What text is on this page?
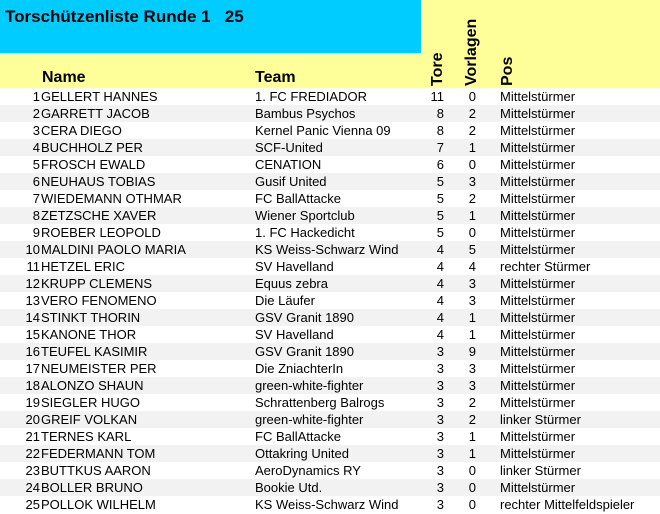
Torschützenliste Runde 1   25
Name	Team	Tore Vorlagen Pos
1 GELLERT HANNES	1. FC FREDIADOR	11	0 Mittelstürmer
2 GARRETT JACOB	Bambus Psychos	8	2 Mittelstürmer
3 CERA DIEGO	Kernel Panic Vienna 09	8	2 Mittelstürmer
4 BUCHHOLZ PER	SCF-United	7	1 Mittelstürmer
5 FROSCH EWALD	CENATION	6	0 Mittelstürmer
6 NEUHAUS TOBIAS	Gusif United	5	3 Mittelstürmer
7 WIEDEMANN OTHMAR	FC BallAttacke	5	2 Mittelstürmer
8 ZETZSCHE XAVER	Wiener Sportclub	5	1 Mittelstürmer
9 ROEBER LEOPOLD	1. FC Hackedicht	5	0 Mittelstürmer
10 MALDINI PAOLO MARIA	KS Weiss-Schwarz Wind	4	5 Mittelstürmer
11 HETZEL ERIC	SV Havelland	4	4 rechter Stürmer
12 KRUPP CLEMENS	Equus zebra	4	3 Mittelstürmer
13 VERO FENOMENO	Die Läufer	4	3 Mittelstürmer
14 STINKT THORIN	GSV Granit 1890	4	1 Mittelstürmer
15 KANONE THOR	SV Havelland	4	1 Mittelstürmer
16 TEUFEL KASIMIR	GSV Granit 1890	3	9 Mittelstürmer
17 NEUMEISTER PER	Die ZniachterIn	3	3 Mittelstürmer
18 ALONZO SHAUN	green-white-fighter	3	3 Mittelstürmer
19 SIEGLER HUGO	Schrattenberg Balrogs	3	2 Mittelstürmer
20 GREIF VOLKAN	green-white-fighter	3	2 linker Stürmer
21 TERNES KARL	FC BallAttacke	3	1 Mittelstürmer
22 FEDERMANN TOM	Ottakring United	3	1 Mittelstürmer
23 BUTTKUS AARON	AeroDynamics RY	3	0 linker Stürmer
24 BOLLER BRUNO	Bookie Utd.	3	0 Mittelstürmer
25 POLLOK WILHELM	KS Weiss-Schwarz Wind	3	0 rechter Mittelfeldspieler
